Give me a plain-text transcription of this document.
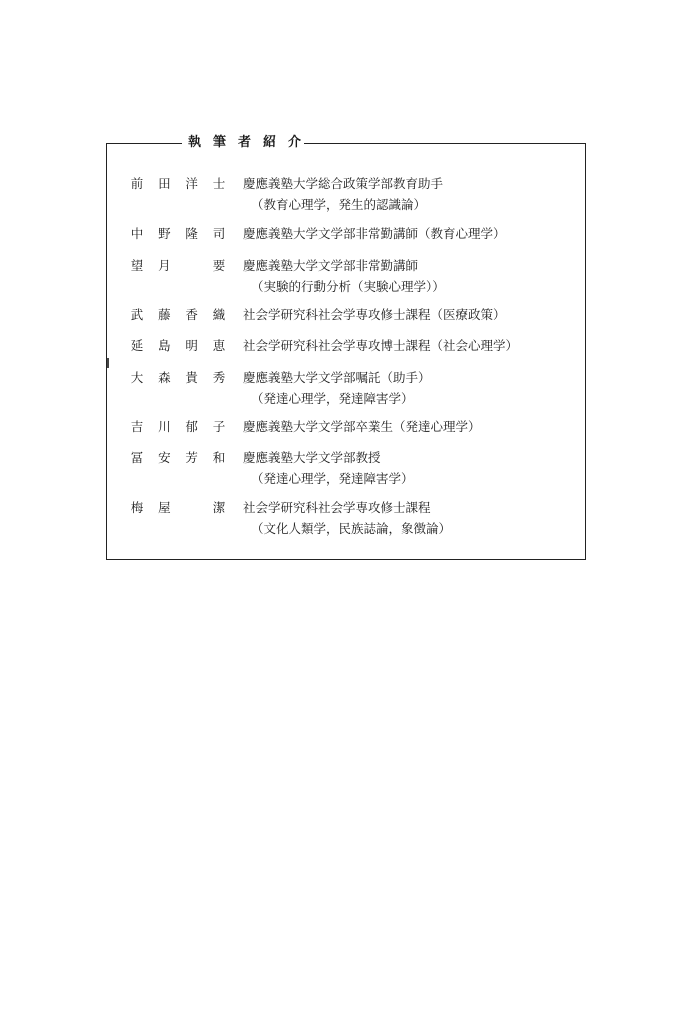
執筆者紹介
前 田 洋 士 慶應義塾大学総合政策学部教育助手
（教育心理学，発生的認識論）
中 野 隆 司 慶應義塾大学文学部非常勤講師（教育心理学）
望 月
	要 慶應義塾大学文学部非常勤講師
（実験的行動分析（実験心理学））
武 藤 香 織 社会学研究科社会学専攻修士課程（医療政策）
延 島 明 恵 社会学研究科社会学専攻博士課程（社会心理学）
大 森 貴 秀 慶應義塾大学文学部嘱託（助手）
（発達心理学，発達障害学）
吉 川 郁 子 慶應義塾大学文学部卒業生（発達心理学）
冨 安 芳 和 慶應義塾大学文学部教授
（発達心理学，発達障害学）
梅 屋
	潔 社会学研究科社会学専攻修士課程
（文化人類学，民族誌論，象徴論）
